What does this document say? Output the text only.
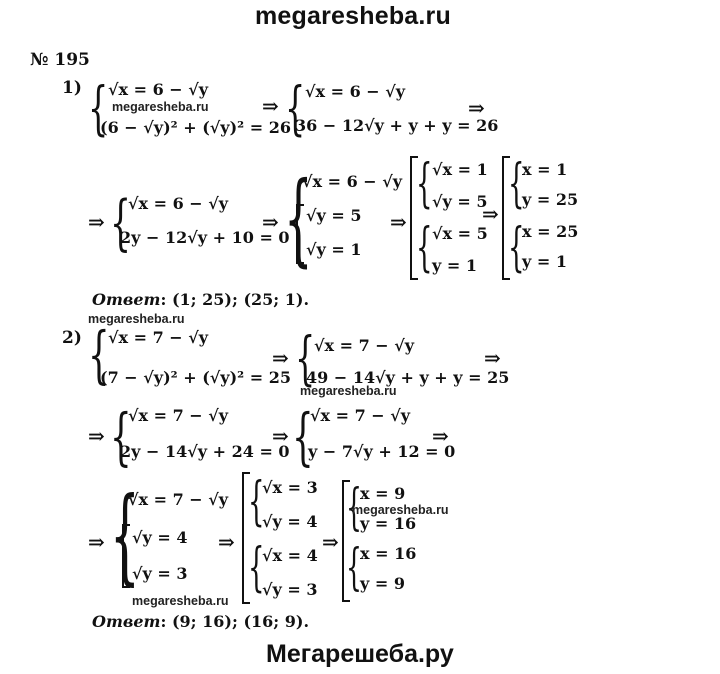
megaresheba.ru
№ 195
1) { √x = 6 − √y
megaresheba.ru
(6 − √y)² + (√y)² = 26
⇒ { √x = 6 − √y
36 − 12√y + y + y = 26
⇒
⇒ {
√x = 6 − √y
2y − 12√y + 10 = 0
⇒ {
√x = 6 − √y
√y = 5
√y = 1
⇒
{ √x = 1
√y = 5
{ √x = 5
y = 1
⇒ {
x = 1
y = 25
{
x = 25
y = 1
Ответ: (1; 25); (25; 1).
megaresheba.ru
2) {
√x = 7 − √y
(7 − √y)² + (√y)² = 25
⇒ {
√x = 7 − √y
49 − 14√y + y + y = 25
⇒
⇒ {
√x = 7 − √y
2y − 14√y + 24 = 0
megaresheba.ru
⇒ {
√x = 7 − √y
y − 7√y + 12 = 0
⇒
⇒ {
√x = 7 − √y
√y = 4
√y = 3
⇒
{
√x = 3
√y = 4
{
√x = 4
√y = 3
⇒
{
x = 9
megaresheba.ru
y = 16
{
x = 16
y = 9
megaresheba.ru
Ответ: (9; 16); (16; 9).
Мегарешеба.ру
